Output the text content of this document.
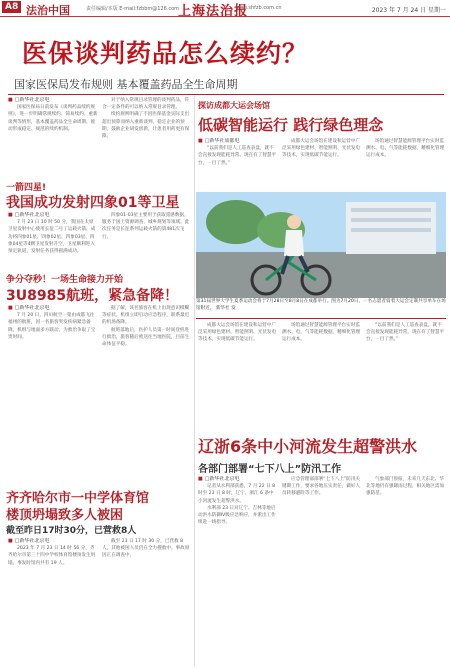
A8 法治中国	责任编辑/本版 E-mail:fzbbm@126.com
上海法治报
www.shfzb.com.cn	2023 年 7 月 24 日 星期一
医保谈判药品怎么续约？
国家医保局发布规则 基本覆盖药品全生命周期

■ □新华社北京电

国家医保局日前发布《谈判药品续约规则》，进一步明确常规续约、简易续约、重新谈判等情形，基本覆盖药品全生命周期，推动形成稳定、规范的续约机制。

对于纳入常规目录管理的谈判药品，符合一定条件的可以纳入常规目录管理。

续约规则明确了不因医保基金实际支出超出预算而纳入重新谈判，稳定企业的预期，鼓励企业研发创新，让患者用药更有保障。

一箭四星!
我国成功发射四象01等卫星

■ □新华社北京电

7 月 23 日 10 时 50 分，我国在太原卫星发射中心使用长征二号丁运载火箭，成功将四象01星、四象02星、四象03星、四象04星等4颗卫星发射升空，卫星顺利进入预定轨道，发射任务获得圆满成功。

四象01-03星主要用于获取遥感数据，服务于国土资源调查、城乡规划等领域。此次任务是长征系列运载火箭的第481次飞行。

争分夺秒！一场生命接力开始
3U8985航班，紧急备降！

■ □新华社北京电

7 月 20 日，四川航空一架由成都飞往福州的航班，因一名旅客突发疾病紧急备降，机组与地面多方联动，为救治争取了宝贵时间。

据了解，该名旅客在机上出现意识模糊等症状，机组立即启动应急程序，联系最近的机场备降。

航班落地后，医护人员第一时间登机进行救治，旅客随后被送往当地医院，目前生命体征平稳。

齐齐哈尔市一中学体育馆
楼顶坍塌致多人被困
截至昨日17时30分，已营救8人

■ □新华社北京电

2023 年 7 月 23 日 14 时 56 分，齐齐哈尔市第三十四中学校体育馆楼顶发生坍塌，事发时馆内共有 19 人。

截至 23 日 17 时 30 分，已营救 8 人，其他被困人员仍在全力搜救中。事故原因正在调查中。

探访成都大运会场馆
低碳智能运行 践行绿色理念

■ □新华社成都电

“以前我们是人工巡查表盘，就不会直接发现能耗异常。现在有了智慧平台，一目了然。”

成都大运会场馆在建设和运营中广泛采用绿色建材、智能照明、光伏发电等技术，实现低碳节能运行。

场馆通过智慧能源管理平台实时监测水、电、气等能耗数据，精细化管理运行成本。

第31届世界大学生夏季运动会将于7月28日至8月8日在成都举行。图为7月20日，一名志愿者骑着大运会定制共享单车在场馆附近。 新华社 发

成都大运会场馆在建设和运营中广泛采用绿色建材、智能照明、光伏发电等技术，实现低碳节能运行。

场馆通过智慧能源管理平台实时监测水、电、气等能耗数据，精细化管理运行成本。

“以前我们是人工巡查表盘，就不会直接发现能耗异常。现在有了智慧平台，一目了然。”

辽浙6条中小河流发生超警洪水
各部门部署“七下八上”防汛工作

■ □新华社北京电

记者从水利部获悉，7 月 22 日 8 时至 23 日 8 时，辽宁、浙江 6 条中小河流发生超警洪水。

水利部 23 日对辽宁、吉林等地启动洪水防御Ⅳ级应急响应，并派出工作组赴一线指导。

应急管理部部署“七下八上”防汛关键期工作，要求各地压实责任，做好人员转移避险等工作。

气象部门预报，未来几天东北、华北等地仍有强降雨过程，相关地区需加强防范。
